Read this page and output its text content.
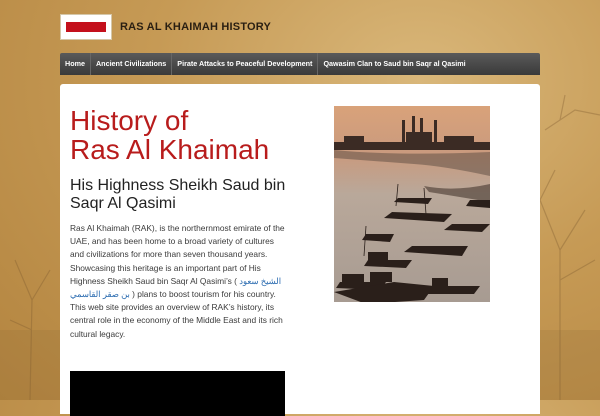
RAS AL KHAIMAH HISTORY
Home	Ancient Civilizations	Pirate Attacks to Peaceful Development	Qawasim Clan to Saud bin Saqr al Qasimi
History of
Ras Al Khaimah
His Highness Sheikh Saud bin Saqr Al Qasimi

Ras Al Khaimah (RAK), is the northernmost emirate of the UAE, and has been home to a broad variety of cultures and civilizations for more than seven thousand years. Showcasing this heritage is an important part of His Highness Sheikh Saud bin Saqr Al Qasimi’s ( الشيخ سعود بن صقر القاسمي ) plans to boost tourism for his country. This web site provides an overview of RAK’s history, its central role in the economy of the Middle East and its rich cultural legacy.
